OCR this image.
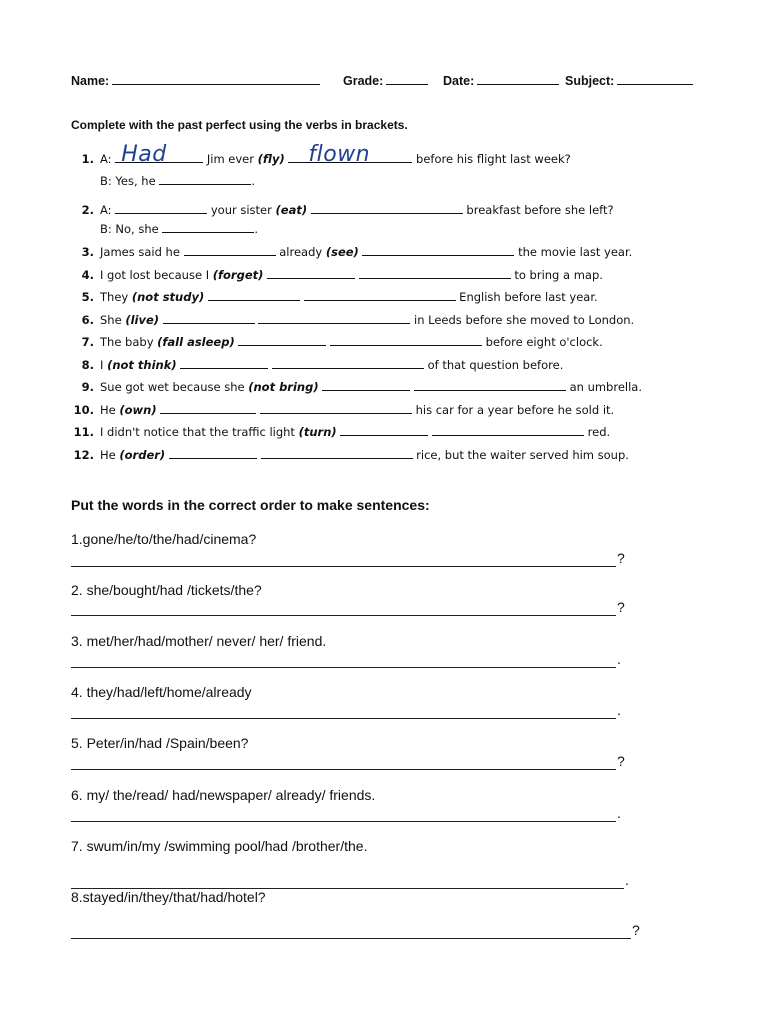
Name:	Grade:	Date:	Subject:
Complete with the past perfect using the verbs in brackets.
1. A: Had	Jim ever (fly) flown	before his flight last week?
B: Yes, he	.
2. A:	your sister (eat)	breakfast before she left?
B: No, she	.
3. James said he	already (see)	the movie last year.
4. I got lost because I (forget)	to bring a map.
5. They (not study)	English before last year.
6. She (live)	in Leeds before she moved to London.
7. The baby (fall asleep)	before eight o'clock.
8. I (not think)	of that question before.
9. Sue got wet because she (not bring)	an umbrella.
10. He (own)	his car for a year before he sold it.
11. I didn't notice that the traffic light (turn)	red.
12. He (order)	rice, but the waiter served him soup.
Put the words in the correct order to make sentences:
1.gone/he/to/the/had/cinema?
?
2. she/bought/had /tickets/the?
?
3. met/her/had/mother/ never/ her/ friend.
.
4. they/had/left/home/already
.
5. Peter/in/had /Spain/been?
?
6. my/ the/read/ had/newspaper/ already/ friends.
.
7. swum/in/my /swimming pool/had /brother/the.
.
8.stayed/in/they/that/had/hotel?
?
